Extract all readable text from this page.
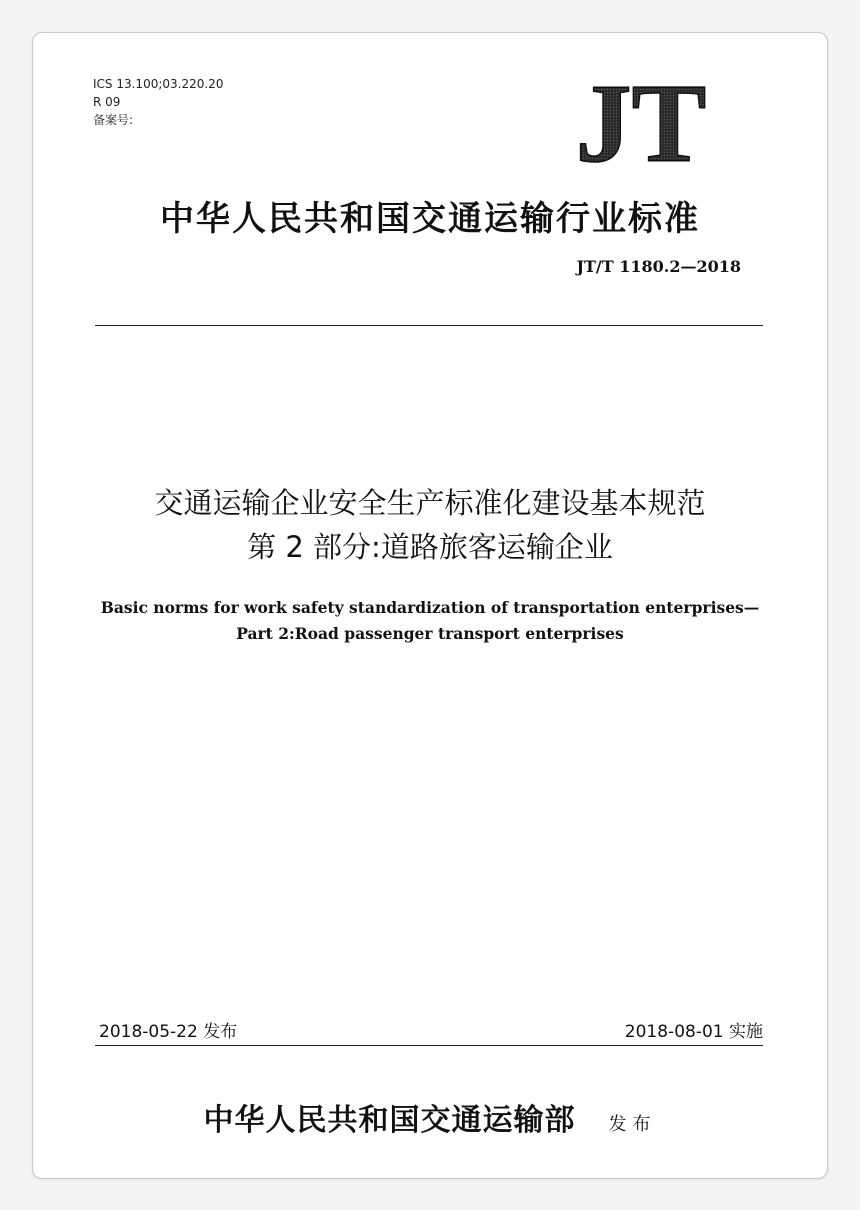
ICS 13.100;03.220.20
R 09
备案号:	JT
中华人民共和国交通运输行业标准
JT/T 1180.2—2018
交通运输企业安全生产标准化建设基本规范
第 2 部分:道路旅客运输企业
Basic norms for work safety standardization of transportation enterprises—
Part 2:Road passenger transport enterprises
2018-05-22 发布	2018-08-01 实施
中华人民共和国交通运输部 发布
